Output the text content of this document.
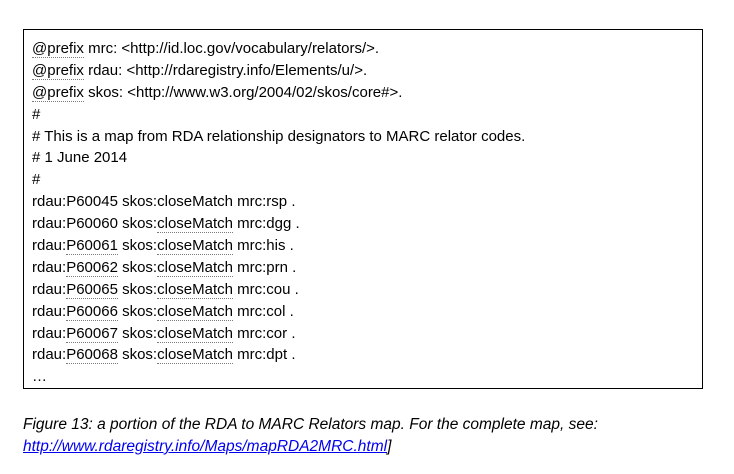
@prefix mrc: <http://id.loc.gov/vocabulary/relators/>.
@prefix rdau: <http://rdaregistry.info/Elements/u/>.
@prefix skos: <http://www.w3.org/2004/02/skos/core#>.
#
# This is a map from RDA relationship designators to MARC relator codes.
# 1 June 2014
#
rdau:P60045 skos:closeMatch mrc:rsp .
rdau:P60060 skos:closeMatch mrc:dgg .
rdau:P60061 skos:closeMatch mrc:his .
rdau:P60062 skos:closeMatch mrc:prn .
rdau:P60065 skos:closeMatch mrc:cou .
rdau:P60066 skos:closeMatch mrc:col .
rdau:P60067 skos:closeMatch mrc:cor .
rdau:P60068 skos:closeMatch mrc:dpt .
…
Figure 13: a portion of the RDA to MARC Relators map. For the complete map, see:
http://www.rdaregistry.info/Maps/mapRDA2MRC.html]
